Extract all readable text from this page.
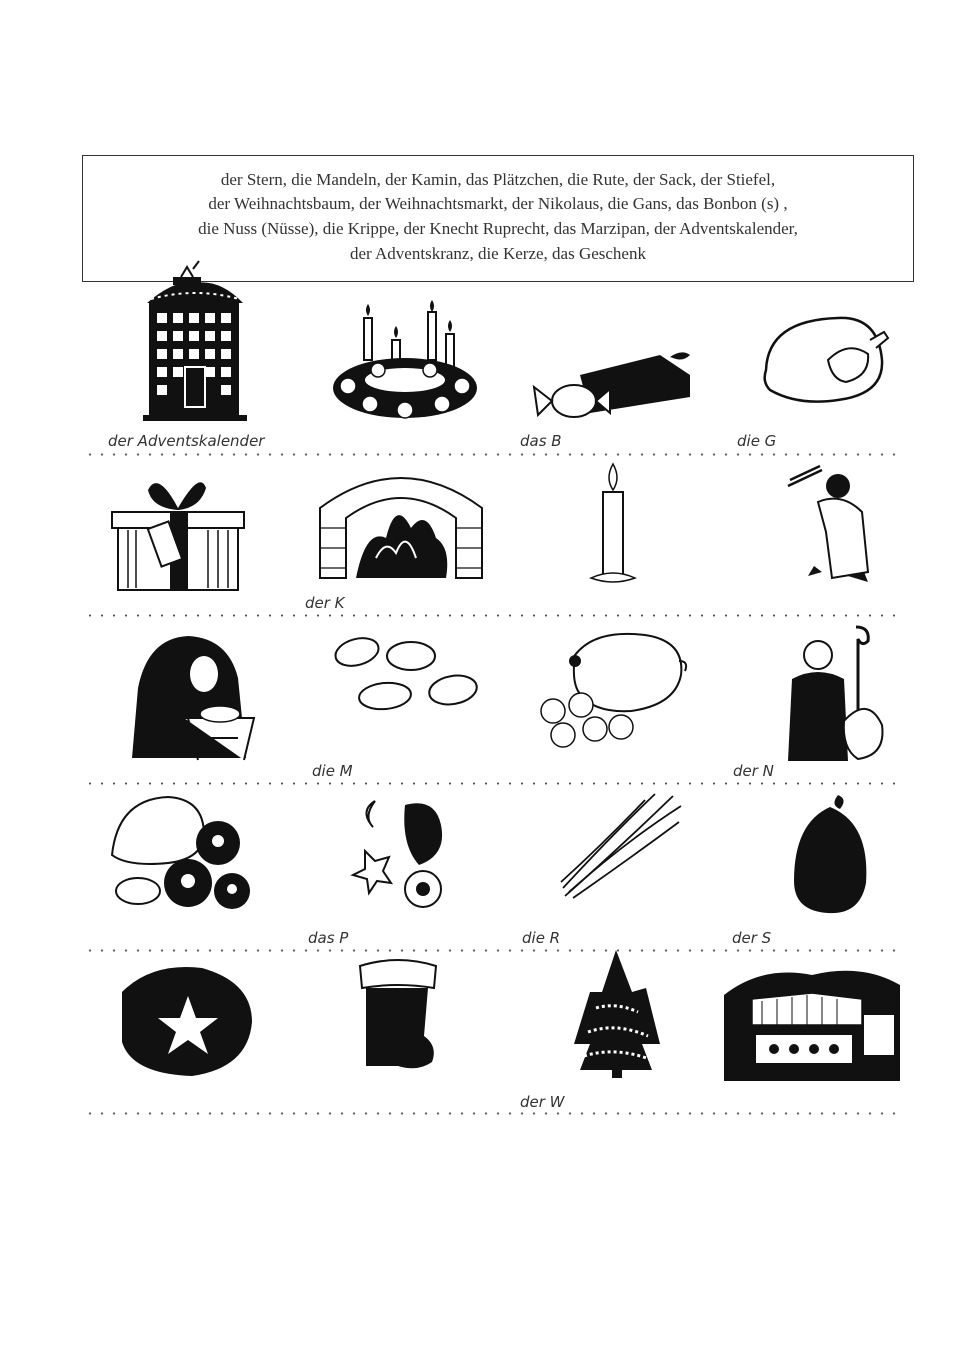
der Stern, die Mandeln, der Kamin, das Plätzchen, die Rute, der Sack, der Stiefel,
der Weihnachtsbaum, der Weihnachtsmarkt, der Nikolaus, die Gans, das Bonbon (s) ,
die Nuss (Nüsse), die Krippe, der Knecht Ruprecht, das Marzipan, der Adventskalender,
der Adventskranz, die Kerze, das Geschenk
der Adventskalender	das B	die G
der K
die M	der N
das P	die R	der S
der W
